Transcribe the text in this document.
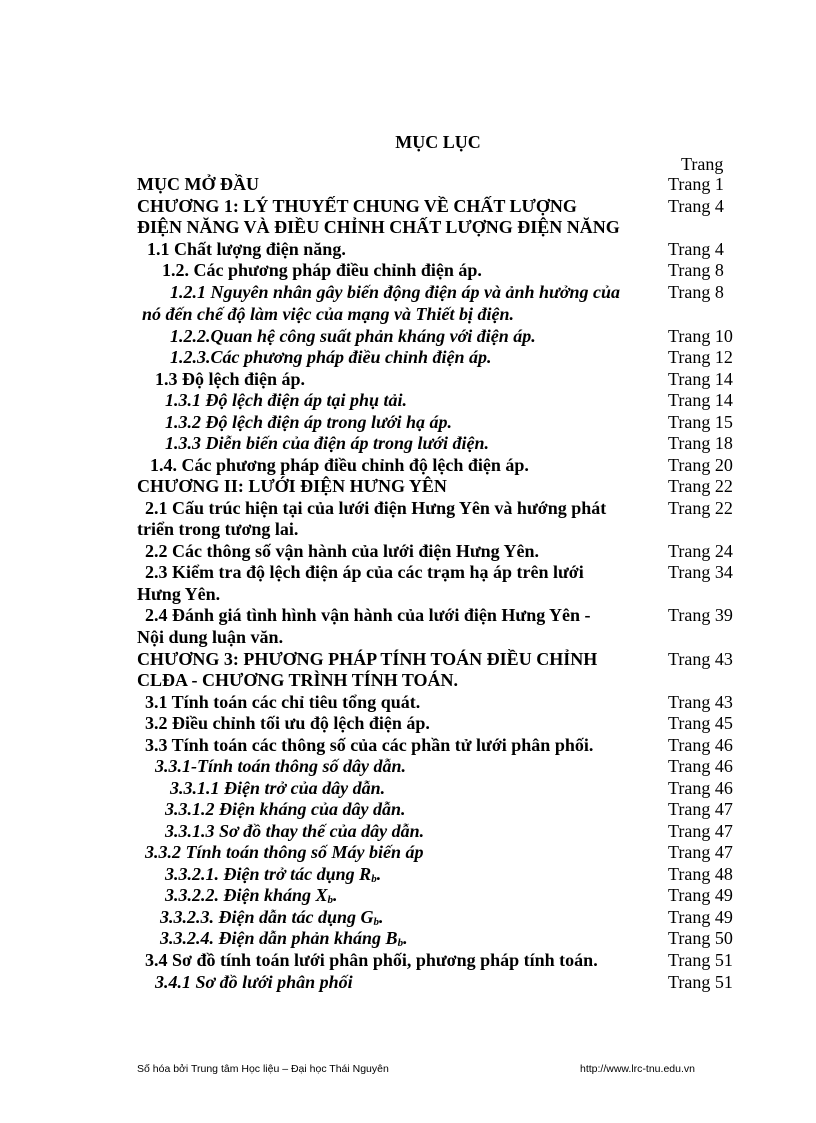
MỤC LỤC
Trang
MỤC MỞ ĐẦU	Trang 1
CHƯƠNG 1: LÝ THUYẾT CHUNG VỀ CHẤT LƯỢNG	Trang 4
ĐIỆN NĂNG VÀ ĐIỀU CHỈNH CHẤT LƯỢNG ĐIỆN NĂNG
1.1 Chất lượng điện năng.	Trang 4
1.2. Các phương pháp điều chỉnh điện áp.	Trang 8
1.2.1 Nguyên nhân gây biến động điện áp và ảnh hưởng của	Trang 8
nó đến chế độ làm việc của mạng và Thiết bị điện.
1.2.2.Quan hệ công suất phản kháng với điện áp.	Trang 10
1.2.3.Các phương pháp điều chỉnh điện áp.	Trang 12
1.3 Độ lệch điện áp.	Trang 14
1.3.1 Độ lệch điện áp tại phụ tải.	Trang 14
1.3.2 Độ lệch điện áp trong lưới hạ áp.	Trang 15
1.3.3 Diễn biến của điện áp trong lưới điện.	Trang 18
1.4. Các phương pháp điều chỉnh độ lệch điện áp.	Trang 20
CHƯƠNG II: LƯỚI ĐIỆN HƯNG YÊN	Trang 22
2.1 Cấu trúc hiện tại của lưới điện Hưng Yên và hướng phát	Trang 22
triển trong tương lai.
2.2 Các thông số vận hành của lưới điện Hưng Yên.	Trang 24
2.3 Kiểm tra độ lệch điện áp của các trạm hạ áp trên lưới	Trang 34
Hưng Yên.
2.4 Đánh giá tình hình vận hành của lưới điện Hưng Yên -	Trang 39
Nội dung luận văn.
CHƯƠNG 3: PHƯƠNG PHÁP TÍNH TOÁN ĐIỀU CHỈNH	Trang 43
CLĐA - CHƯƠNG TRÌNH TÍNH TOÁN.
3.1 Tính toán các chỉ tiêu tổng quát.	Trang 43
3.2 Điều chỉnh tối ưu độ lệch điện áp.	Trang 45
3.3 Tính toán các thông số của các phần tử lưới phân phối.	Trang 46
3.3.1-Tính toán thông số dây dẫn.	Trang 46
3.3.1.1 Điện trở của dây dẫn.	Trang 46
3.3.1.2 Điện kháng của dây dẫn.	Trang 47
3.3.1.3 Sơ đồ thay thế của dây dẫn.	Trang 47
3.3.2 Tính toán thông số Máy biến áp	Trang 47
3.3.2.1. Điện trở tác dụng $R_b$.	Trang 48
3.3.2.2. Điện kháng $X_b$.	Trang 49
3.3.2.3. Điện dẫn tác dụng $G_b$.	Trang 49
3.3.2.4. Điện dẫn phản kháng $B_b$.	Trang 50
3.4 Sơ đồ tính toán lưới phân phối, phương pháp tính toán.	Trang 51
3.4.1 Sơ đồ lưới phân phối	Trang 51
Số hóa bởi Trung tâm Học liệu – Đại học Thái Nguyên	http://www.lrc-tnu.edu.vn
